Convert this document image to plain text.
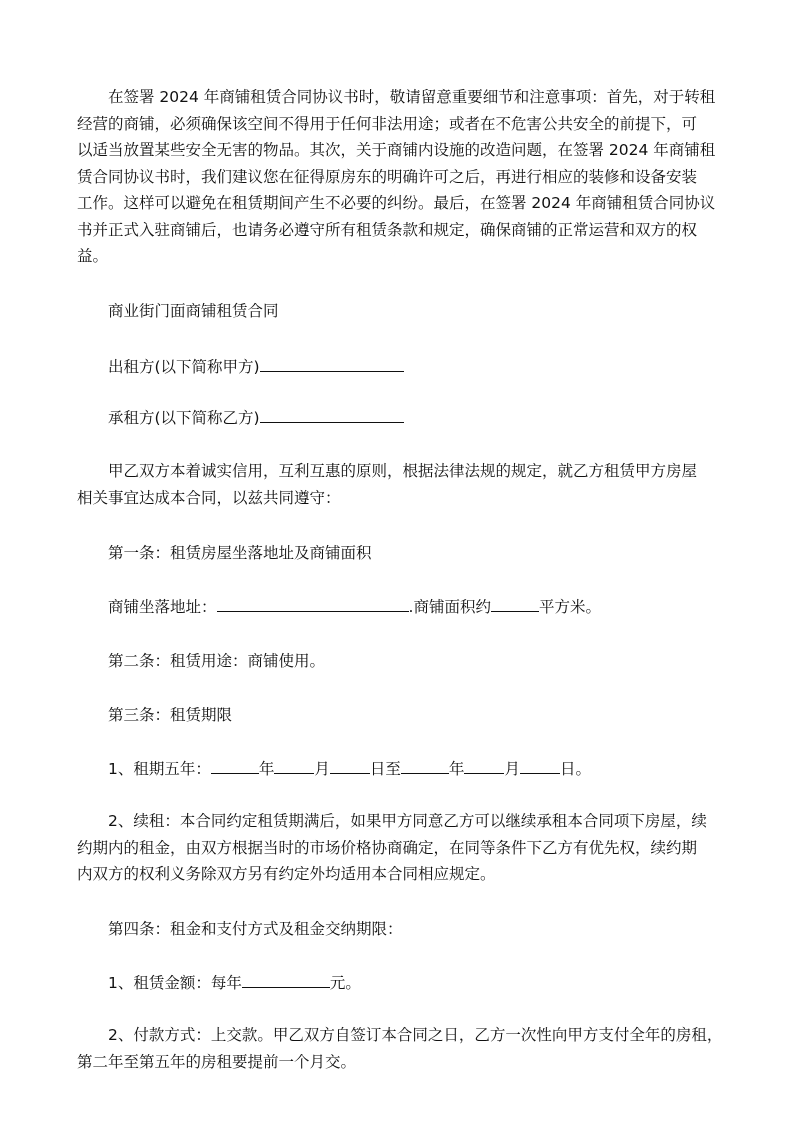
在签署 2024 年商铺租赁合同协议书时，敬请留意重要细节和注意事项：首先，对于转租
经营的商铺，必须确保该空间不得用于任何非法用途；或者在不危害公共安全的前提下，可
以适当放置某些安全无害的物品。其次，关于商铺内设施的改造问题，在签署 2024 年商铺租
赁合同协议书时，我们建议您在征得原房东的明确许可之后，再进行相应的装修和设备安装
工作。这样可以避免在租赁期间产生不必要的纠纷。最后，在签署 2024 年商铺租赁合同协议
书并正式入驻商铺后，也请务必遵守所有租赁条款和规定，确保商铺的正常运营和双方的权
益。
商业街门面商铺租赁合同
出租方(以下简称甲方)
承租方(以下简称乙方)
甲乙双方本着诚实信用，互利互惠的原则，根据法律法规的规定，就乙方租赁甲方房屋
相关事宜达成本合同，以兹共同遵守：
第一条：租赁房屋坐落地址及商铺面积
商铺坐落地址：	.商铺面积约	平方米。
第二条：租赁用途：商铺使用。
第三条：租赁期限
1、租期五年：	年	月	日至	年	月	日。
2、续租：本合同约定租赁期满后，如果甲方同意乙方可以继续承租本合同项下房屋，续
约期内的租金，由双方根据当时的市场价格协商确定，在同等条件下乙方有优先权，续约期
内双方的权利义务除双方另有约定外均适用本合同相应规定。
第四条：租金和支付方式及租金交纳期限：
1、租赁金额：每年	元。
2、付款方式：上交款。甲乙双方自签订本合同之日，乙方一次性向甲方支付全年的房租，
第二年至第五年的房租要提前一个月交。
